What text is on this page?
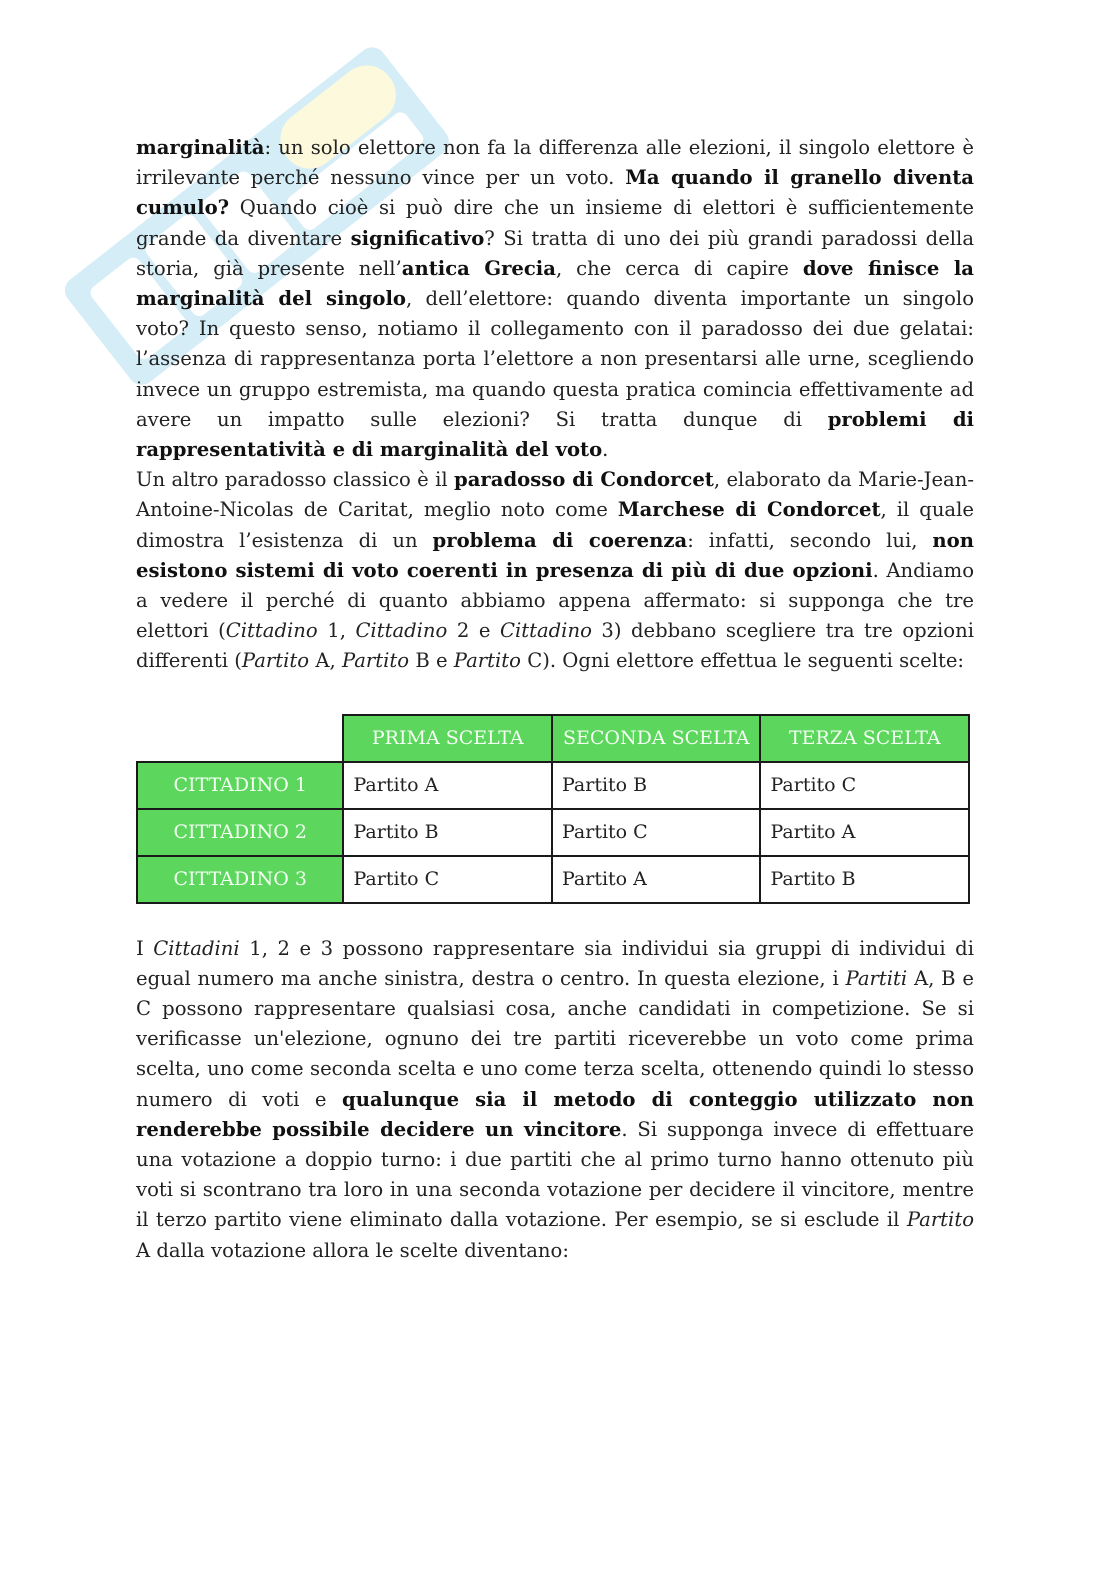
marginalità: un solo elettore non fa la differenza alle elezioni, il singolo elettore è irrilevante perché nessuno vince per un voto. Ma quando il granello diventa cumulo? Quando cioè si può dire che un insieme di elettori è sufficientemente grande da diventare significativo? Si tratta di uno dei più grandi paradossi della storia, già presente nell’antica Grecia, che cerca di capire dove finisce la marginalità del singolo, dell’elettore: quando diventa importante un singolo voto? In questo senso, notiamo il collegamento con il paradosso dei due gelatai: l’assenza di rappresentanza porta l’elettore a non presentarsi alle urne, scegliendo invece un gruppo estremista, ma quando questa pratica comincia effettivamente ad avere un impatto sulle elezioni? Si tratta dunque di problemi di rappresentatività e di marginalità del voto.

Un altro paradosso classico è il paradosso di Condorcet, elaborato da Marie-Jean-Antoine-Nicolas de Caritat, meglio noto come Marchese di Condorcet, il quale dimostra l’esistenza di un problema di coerenza: infatti, secondo lui, non esistono sistemi di voto coerenti in presenza di più di due opzioni. Andiamo a vedere il perché di quanto abbiamo appena affermato: si supponga che tre elettori (Cittadino 1, Cittadino 2 e Cittadino 3) debbano scegliere tra tre opzioni differenti (Partito A, Partito B e Partito C). Ogni elettore effettua le seguenti scelte:

	PRIMA SCELTA	SECONDA SCELTA	TERZA SCELTA
CITTADINO 1	Partito A	Partito B	Partito C
CITTADINO 2	Partito B	Partito C	Partito A
CITTADINO 3	Partito C	Partito A	Partito B

I Cittadini 1, 2 e 3 possono rappresentare sia individui sia gruppi di individui di egual numero ma anche sinistra, destra o centro. In questa elezione, i Partiti A, B e C possono rappresentare qualsiasi cosa, anche candidati in competizione. Se si verificasse un'elezione, ognuno dei tre partiti riceverebbe un voto come prima scelta, uno come seconda scelta e uno come terza scelta, ottenendo quindi lo stesso numero di voti e qualunque sia il metodo di conteggio utilizzato non renderebbe possibile decidere un vincitore. Si supponga invece di effettuare una votazione a doppio turno: i due partiti che al primo turno hanno ottenuto più voti si scontrano tra loro in una seconda votazione per decidere il vincitore, mentre il terzo partito viene eliminato dalla votazione. Per esempio, se si esclude il Partito A dalla votazione allora le scelte diventano:
